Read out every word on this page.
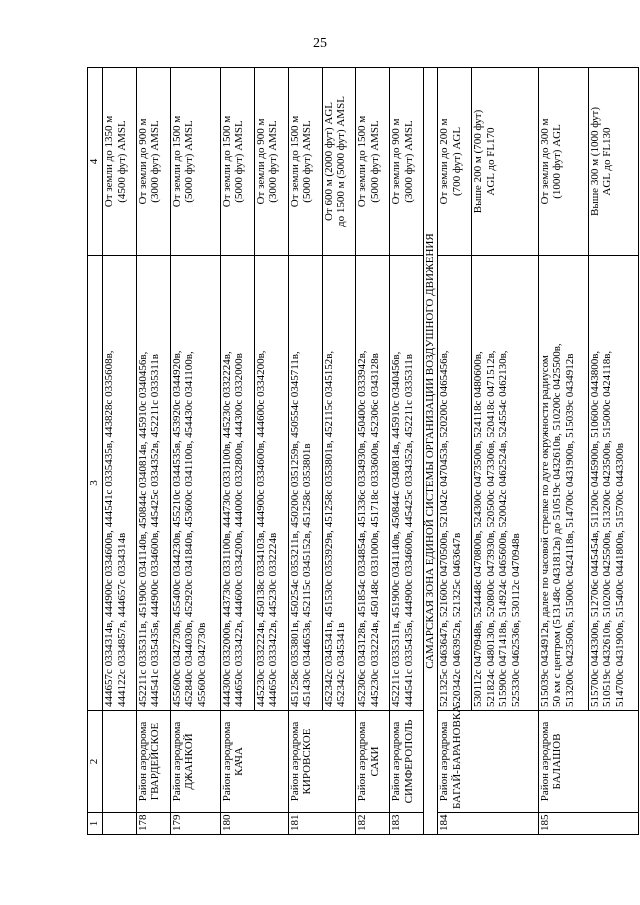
25
1	2	3	4

		444657с 0334314в, 444900с 0334600в, 444541с 0335435в, 443828с 0335608в, 444122с 0334857в, 444657с 0334314в	От земли до 1350 м (4500 фут) AMSL

178	Район аэродрома ГВАРДЕЙСКОЕ	452211с 0335311в, 451900с 0341140в, 450844с 0340814в, 445910с 0340456в, 444541с 0335435в, 444900с 0334600в, 445425с 0334352в, 452211с 0335311в	От земли до 900 м (3000 фут) AMSL

179	Район аэродрома ДЖАНКОЙ	455600с 0342730в, 455400с 0344230в, 455210с 0344535в, 453920с 0344920в, 452840с 0344030в, 452920с 0341840в, 453600с 0341100в, 454430с 0341100в, 455600с 0342730в	От земли до 1500 м (5000 фут) AMSL

180	Район аэродрома КАЧА	444300с 0332000в, 443730с 0331100в, 444730с 0331100в, 445230с 0332224в, 444650с 0333422в, 444600с 0334200в, 444000с 0332800в, 444300с 0332000в	От земли до 1500 м (5000 фут) AMSL

		445230с 0332224в, 450138с 0334103в, 444900с 0334600в, 444600с 0334200в, 444650с 0333422в, 445230с 0332224в	От земли до 900 м (3000 фут) AMSL

181	Район аэродрома КИРОВСКОЕ	451258с 0353801в, 450254с 0353211в, 450200с 0351259в, 450554с 0345711в, 451430с 0344653в, 452115с 0345152в, 451258с 0353801в	От земли до 1500 м (5000 фут) AMSL

		452342с 0345341в, 451530с 0353929в, 451258с 0353801в, 452115с 0345152в, 452342с 0345341в	От 600 м (2000 фут) AGL до 1500 м (5000 фут) AMSL

182	Район аэродрома САКИ	452306с 0343128в, 451854с 0334854в, 451336с 0334930в, 450400с 0333942в, 445230с 0332224в, 450148с 0331000в, 451718с 0333600в, 452306с 0343128в	От земли до 1500 м (5000 фут) AMSL

183	Район аэродрома СИМФЕРОПОЛЬ	452211с 0335311в, 451900с 0341140в, 450844с 0340814в, 445910с 0340456в, 444541с 0335435в, 444900с 0334600в, 445425с 0334352в, 452211с 0335311в	От земли до 900 м (3000 фут) AMSL

САМАРСКАЯ ЗОНА ЕДИНОЙ СИСТЕМЫ ОРГАНИЗАЦИИ ВОЗДУШНОГО ДВИЖЕНИЯ			
184	Район аэродрома БАГАЙ-БАРАНОВКА	521325с 0463647в, 521600с 0470500в, 521042с 0470453в, 520200с 0465456в, 520342с 0463952в, 521325с 0463647в	От земли до 200 м (700 фут) AGL

		530112с 0470948в, 524448с 0470800в, 524300с 0473500в, 524118с 0480600в, 521824с 0480130в, 520800с 0473930в, 520500с 0473306в, 520418с 0471512в, 515900с 0471418в, 514924с 0465600в, 520042с 0462524в, 524554с 0462130в, 525330с 0462536в, 530112с 0470948в	Выше 200 м (700 фут) AGL до FL170

185	Район аэродрома БАЛАШОВ	515039с 0434912в, далее по часовой стрелке по дуге окружности радиусом 50 км с центром (513148с 0431812в) до 510519с 0432610в, 510200с 0425500в, 513200с 0423500в, 515000с 0424118в, 514700с 0431900в, 515039с 0434912в	От земли до 300 м (1000 фут) AGL

		515700с 0443300в, 512706с 0445454в, 511200с 0445900в, 510600с 0443800в, 510519с 0432610в, 510200с 0425500в, 513200с 0423500в, 515000с 0424118в, 514700с 0431900в, 515400с 0441800в, 515700с 0443300в	Выше 300 м (1000 фут) AGL до FL130
